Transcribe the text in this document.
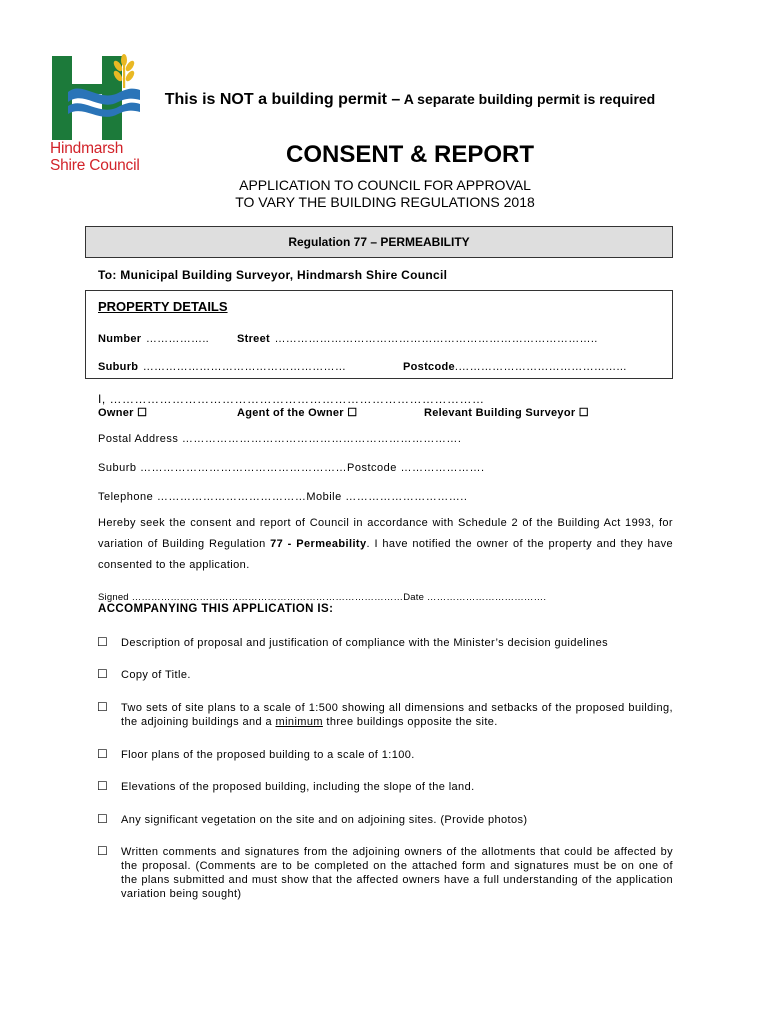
Hindmarsh
Shire Council
This is NOT a building permit – A separate building permit is required
CONSENT & REPORT
APPLICATION TO COUNCIL FOR APPROVAL
TO VARY THE BUILDING REGULATIONS 2018
Regulation 77 – PERMEABILITY
To: Municipal Building Surveyor, Hindmarsh Shire Council
PROPERTY DETAILS
Number ……………..	Street …………………………………………………………………………..
Suburb ………………………………………………	Postcode.……………………………………...
I, ………………………………………………………………………………
Owner ☐	Agent of the Owner ☐	Relevant Building Surveyor ☐
Postal Address ……………………………………………………………….
Suburb ………………………………………………Postcode ………………….
Telephone …………………………………Mobile …………………………..
Hereby seek the consent and report of Council in accordance with Schedule 2 of the Building Act 1993, for variation of Building Regulation 77 - Permeability. I have notified the owner of the property and they have consented to the application.
Signed …………………………………………………………………………Date ……………………………….
ACCOMPANYING THIS APPLICATION IS:
☐ Description of proposal and justification of compliance with the Minister’s decision guidelines
☐ Copy of Title.
☐ Two sets of site plans to a scale of 1:500 showing all dimensions and setbacks of the proposed building, the adjoining buildings and a minimum three buildings opposite the site.
☐ Floor plans of the proposed building to a scale of 1:100.
☐ Elevations of the proposed building, including the slope of the land.
☐ Any significant vegetation on the site and on adjoining sites. (Provide photos)
☐ Written comments and signatures from the adjoining owners of the allotments that could be affected by the proposal. (Comments are to be completed on the attached form and signatures must be on one of the plans submitted and must show that the affected owners have a full understanding of the application variation being sought)
